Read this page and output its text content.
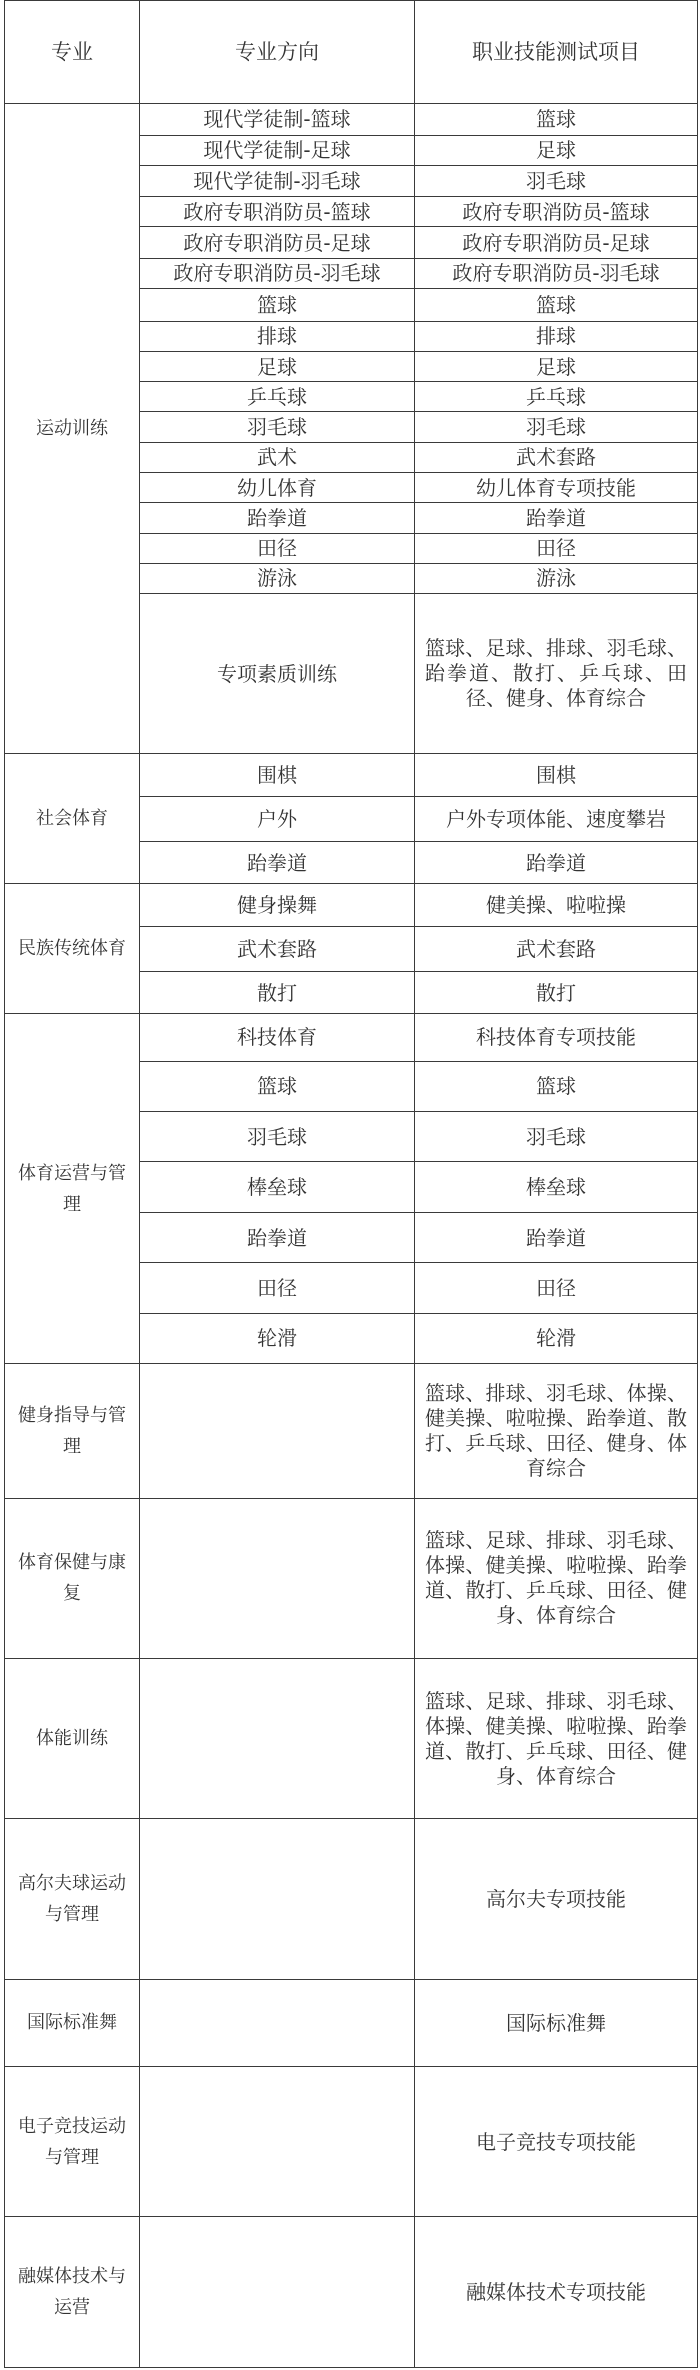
专业	专业方向	职业技能测试项目
运动训练	现代学徒制-篮球	篮球
	现代学徒制-足球	足球
	现代学徒制-羽毛球	羽毛球
	政府专职消防员-篮球	政府专职消防员-篮球
	政府专职消防员-足球	政府专职消防员-足球
	政府专职消防员-羽毛球	政府专职消防员-羽毛球
	篮球	篮球
	排球	排球
	足球	足球
	乒乓球	乒乓球
	羽毛球	羽毛球
	武术	武术套路
	幼儿体育	幼儿体育专项技能
	跆拳道	跆拳道
	田径	田径
	游泳	游泳
	专项素质训练	篮球、足球、排球、羽毛球、跆拳道、散打、乒乓球、田径、健身、体育综合
社会体育	围棋	围棋
	户外	户外专项体能、速度攀岩
	跆拳道	跆拳道
民族传统体育	健身操舞	健美操、啦啦操
	武术套路	武术套路
	散打	散打
体育运营与管理	科技体育	科技体育专项技能
	篮球	篮球
	羽毛球	羽毛球
	棒垒球	棒垒球
	跆拳道	跆拳道
	田径	田径
	轮滑	轮滑
健身指导与管理		篮球、排球、羽毛球、体操、健美操、啦啦操、跆拳道、散打、乒乓球、田径、健身、体育综合
体育保健与康复		篮球、足球、排球、羽毛球、体操、健美操、啦啦操、跆拳道、散打、乒乓球、田径、健身、体育综合
体能训练		篮球、足球、排球、羽毛球、体操、健美操、啦啦操、跆拳道、散打、乒乓球、田径、健身、体育综合
高尔夫球运动与管理		高尔夫专项技能
国际标准舞		国际标准舞
电子竞技运动与管理		电子竞技专项技能
融媒体技术与运营		融媒体技术专项技能
